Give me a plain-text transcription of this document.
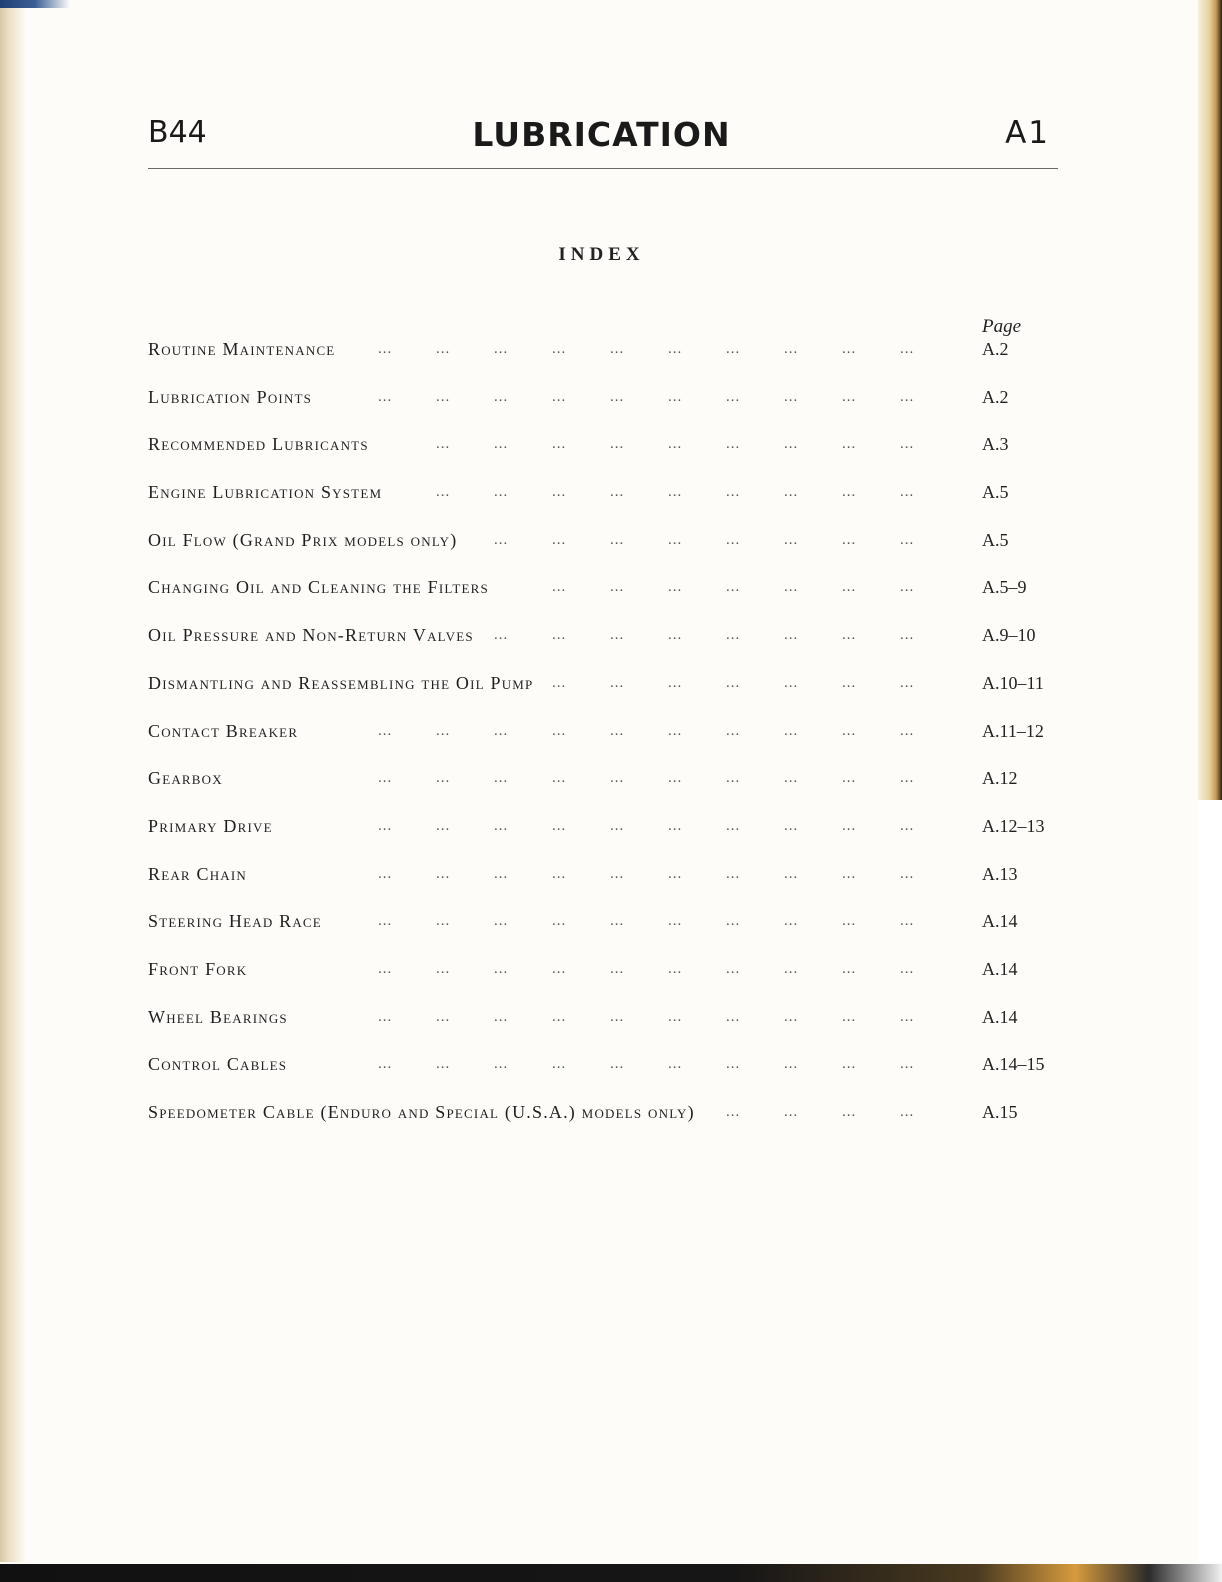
B44	LUBRICATION	A1
INDEX
Page
Routine Maintenance	...	...	...	...	...	...	...	...	...	...	A.2
Lubrication Points	...	...	...	...	...	...	...	...	...	...	A.2
Recommended Lubricants	...	...	...	...	...	...	...	...	...	A.3
Engine Lubrication System	...	...	...	...	...	...	...	...	...	A.5
Oil Flow (Grand Prix models only) ...	...	...	...	...	...	...	...	A.5
Changing Oil and Cleaning the Filters	...	...	...	...	...	...	...	A.5–9
Oil Pressure and Non-Return Valves ...	...	...	...	...	...	...	...	A.9–10
Dismantling and Reassembling the Oil Pump ...	...	...	...	...	...	...	A.10–11
Contact Breaker	...	...	...	...	...	...	...	...	...	...	A.11–12
Gearbox	...	...	...	...	...	...	...	...	...	...	A.12
Primary Drive	...	...	...	...	...	...	...	...	...	...	A.12–13
Rear Chain	...	...	...	...	...	...	...	...	...	...	A.13
Steering Head Race	...	...	...	...	...	...	...	...	...	...	A.14
Front Fork	...	...	...	...	...	...	...	...	...	...	A.14
Wheel Bearings	...	...	...	...	...	...	...	...	...	...	A.14
Control Cables	...	...	...	...	...	...	...	...	...	...	A.14–15
Speedometer Cable (Enduro and Special (U.S.A.) models only) ...	...	...	...	A.15
